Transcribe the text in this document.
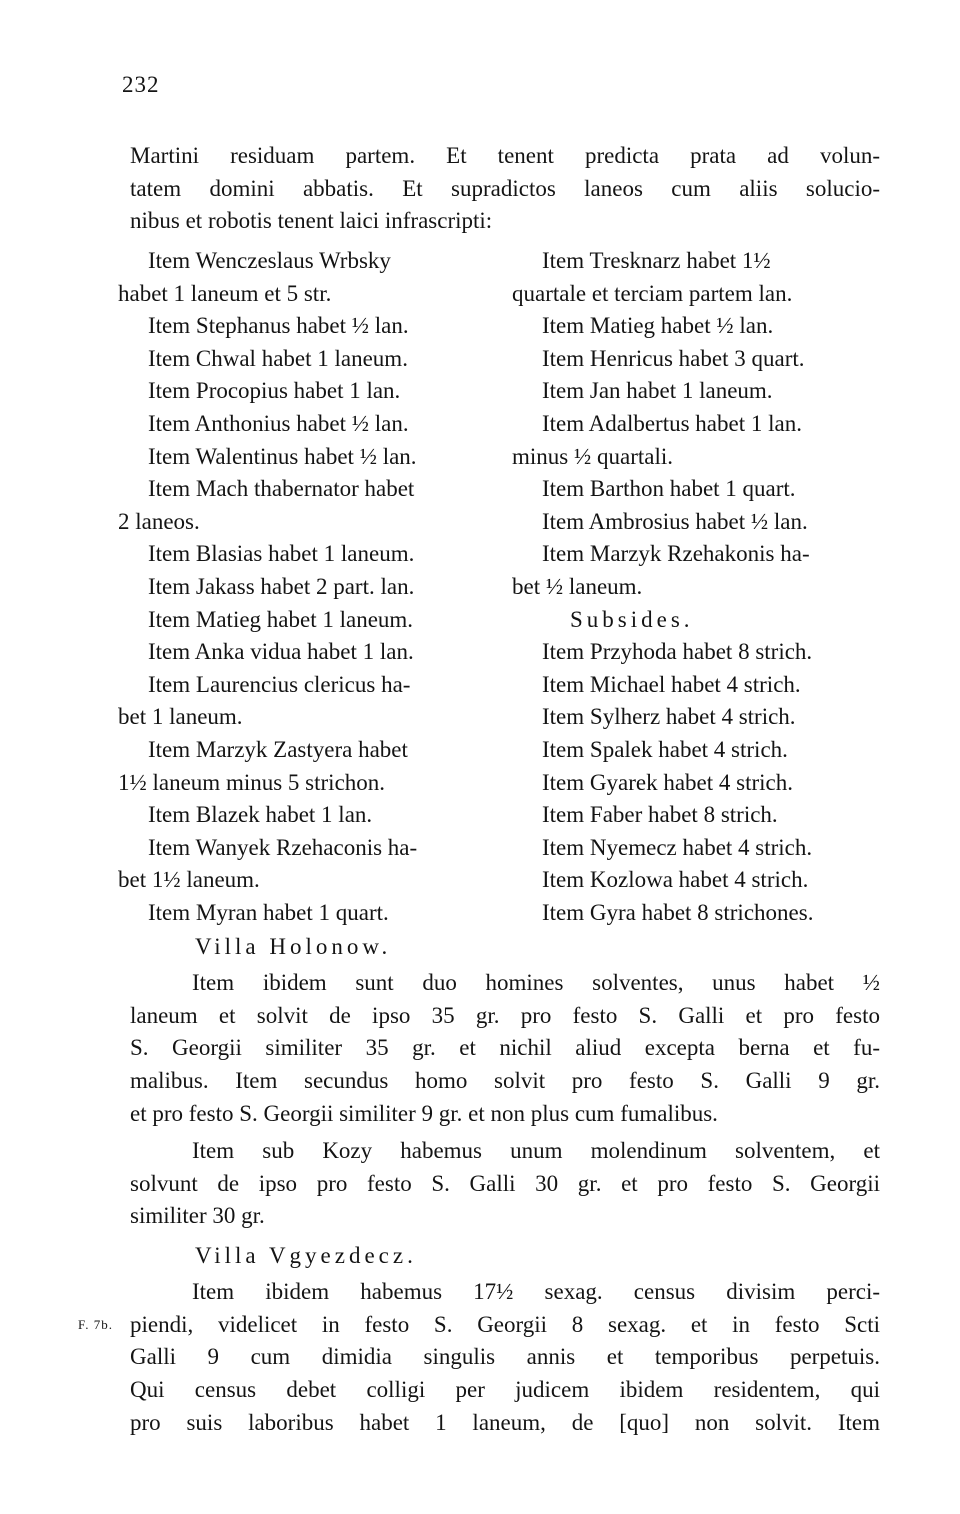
232
Martini residuam partem. Et tenent predicta prata ad volun-
tatem domini abbatis. Et supradictos laneos cum aliis solucio-
nibus et robotis tenent laici infrascripti:
Item Wenczeslaus Wrbsky
habet 1 laneum et 5 str.
Item Stephanus habet ½ lan.
Item Chwal habet 1 laneum.
Item Procopius habet 1 lan.
Item Anthonius habet ½ lan.
Item Walentinus habet ½ lan.
Item Mach thabernator habet
2 laneos.
Item Blasias habet 1 laneum.
Item Jakass habet 2 part. lan.
Item Matieg habet 1 laneum.
Item Anka vidua habet 1 lan.
Item Laurencius clericus ha-
bet 1 laneum.
Item Marzyk Zastyera habet
1½ laneum minus 5 strichon.
Item Blazek habet 1 lan.
Item Wanyek Rzehaconis ha-
bet 1½ laneum.
Item Myran habet 1 quart.
Item Tresknarz habet 1½
quartale et terciam partem lan.
Item Matieg habet ½ lan.
Item Henricus habet 3 quart.
Item Jan habet 1 laneum.
Item Adalbertus habet 1 lan.
minus ½ quartali.
Item Barthon habet 1 quart.
Item Ambrosius habet ½ lan.
Item Marzyk Rzehakonis ha-
bet ½ laneum.
Subsides.
Item Przyhoda habet 8 strich.
Item Michael habet 4 strich.
Item Sylherz habet 4 strich.
Item Spalek habet 4 strich.
Item Gyarek habet 4 strich.
Item Faber habet 8 strich.
Item Nyemecz habet 4 strich.
Item Kozlowa habet 4 strich.
Item Gyra habet 8 strichones.
Villa Holonow.
Item ibidem sunt duo homines solventes, unus habet ½
laneum et solvit de ipso 35 gr. pro festo S. Galli et pro festo
S. Georgii similiter 35 gr. et nichil aliud excepta berna et fu-
malibus. Item secundus homo solvit pro festo S. Galli 9 gr.
et pro festo S. Georgii similiter 9 gr. et non plus cum fumalibus.
Item sub Kozy habemus unum molendinum solventem, et
solvunt de ipso pro festo S. Galli 30 gr. et pro festo S. Georgii
similiter 30 gr.
Villa Vgyezdecz.
Item ibidem habemus 17½ sexag. census divisim perci-
piendi, videlicet in festo S. Georgii 8 sexag. et in festo Scti
Galli 9 cum dimidia singulis annis et temporibus perpetuis.
Qui census debet colligi per judicem ibidem residentem, qui
pro suis laboribus habet 1 laneum, de [quo] non solvit. Item
F. 7b.
